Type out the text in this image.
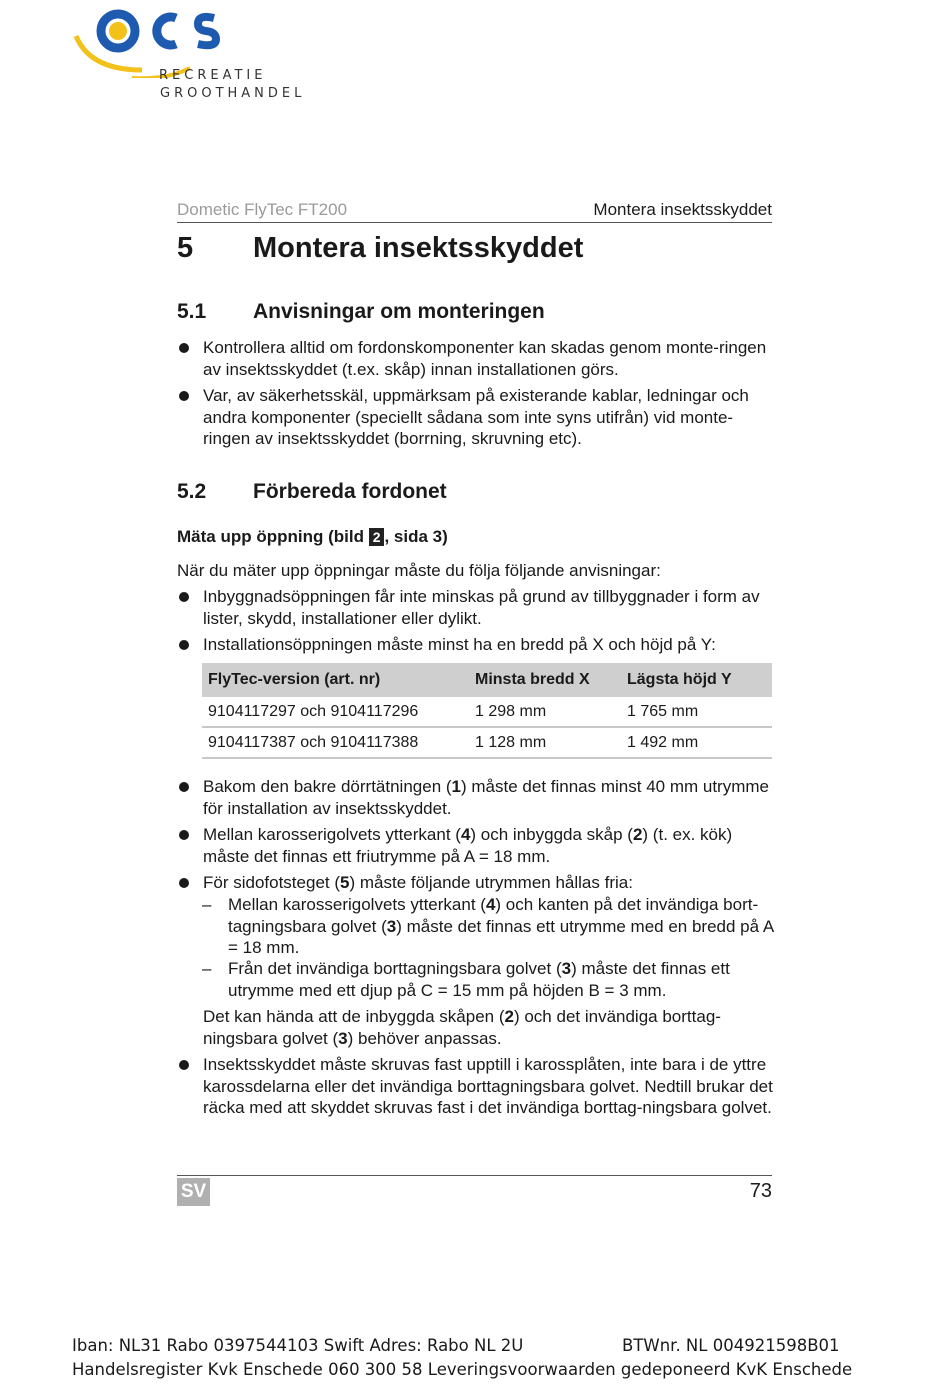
RECREATIE
GROOTHANDEL
Dometic FlyTec FT200	Montera insektsskyddet
5 Montera insektsskyddet
5.1 Anvisningar om monteringen
Kontrollera alltid om fordonskomponenter kan skadas genom monte-ringen av insektsskyddet (t.ex. skåp) innan installationen görs.
Var, av säkerhetsskäl, uppmärksam på existerande kablar, ledningar och andra komponenter (speciellt sådana som inte syns utifrån) vid monte-ringen av insektsskyddet (borrning, skruvning etc).
5.2 Förbereda fordonet
Mäta upp öppning (bild 2 , sida 3)
När du mäter upp öppningar måste du följa följande anvisningar:
Inbyggnadsöppningen får inte minskas på grund av tillbyggnader i form av lister, skydd, installationer eller dylikt.
Installationsöppningen måste minst ha en bredd på X och höjd på Y:
FlyTec-version (art. nr)	Minsta bredd X	Lägsta höjd Y
9104117297 och 9104117296	1 298 mm	1 765 mm
9104117387 och 9104117388	1 128 mm	1 492 mm
Bakom den bakre dörrtätningen (1) måste det finnas minst 40 mm utrymme för installation av insektsskyddet.
Mellan karosserigolvets ytterkant (4) och inbyggda skåp (2) (t. ex. kök) måste det finnas ett friutrymme på A = 18 mm.
För sidofotsteget (5) måste följande utrymmen hållas fria:
– Mellan karosserigolvets ytterkant (4) och kanten på det invändiga bort-tagningsbara golvet (3) måste det finnas ett utrymme med en bredd på A = 18 mm.
– Från det invändiga borttagningsbara golvet (3) måste det finnas ett utrymme med ett djup på C = 15 mm på höjden B = 3 mm.
Det kan hända att de inbyggda skåpen (2) och det invändiga borttag-ningsbara golvet (3) behöver anpassas.
Insektsskyddet måste skruvas fast upptill i karossplåten, inte bara i de yttre karossdelarna eller det invändiga borttagningsbara golvet. Nedtill brukar det räcka med att skyddet skruvas fast i det invändiga borttag-ningsbara golvet.
SV	73
Iban: NL31 Rabo 0397544103 Swift Adres: Rabo NL 2U	BTWnr. NL 004921598B01
Handelsregister Kvk Enschede 060 300 58 Leveringsvoorwaarden gedeponeerd KvK Enschede
